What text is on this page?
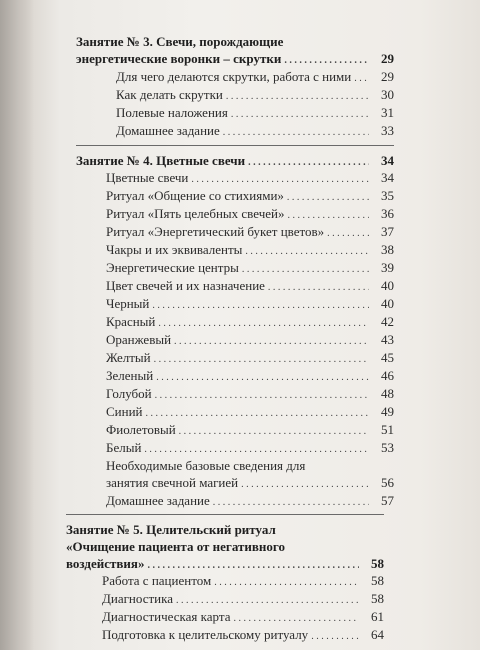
Занятие № 3. Свечи, порождающие
энергетические воронки – скрутки . . .	29
Для чего делаются скрутки, работа с ними . . .	29
Как делать скрутки . . .	30
Полевые наложения . . .	31
Домашнее задание . . .	33
Занятие № 4. Цветные свечи . . .	34
Цветные свечи . . .	34
Ритуал «Общение со стихиями» . . .	35
Ритуал «Пять целебных свечей» . . .	36
Ритуал «Энергетический букет цветов» . . .	37
Чакры и их эквиваленты . . .	38
Энергетические центры . . .	39
Цвет свечей и их назначение . . .	40
Черный . . .	40
Красный . . .	42
Оранжевый . . .	43
Желтый . . .	45
Зеленый . . .	46
Голубой . . .	48
Синий . . .	49
Фиолетовый . . .	51
Белый . . .	53
Необходимые базовые сведения для
занятия свечной магией . . .	56
Домашнее задание . . .	57
Занятие № 5. Целительский ритуал
«Очищение пациента от негативного
воздействия» . . .	58
Работа с пациентом . . .	58
Диагностика . . .	58
Диагностическая карта . . .	61
Подготовка к целительскому ритуалу . . .	64
